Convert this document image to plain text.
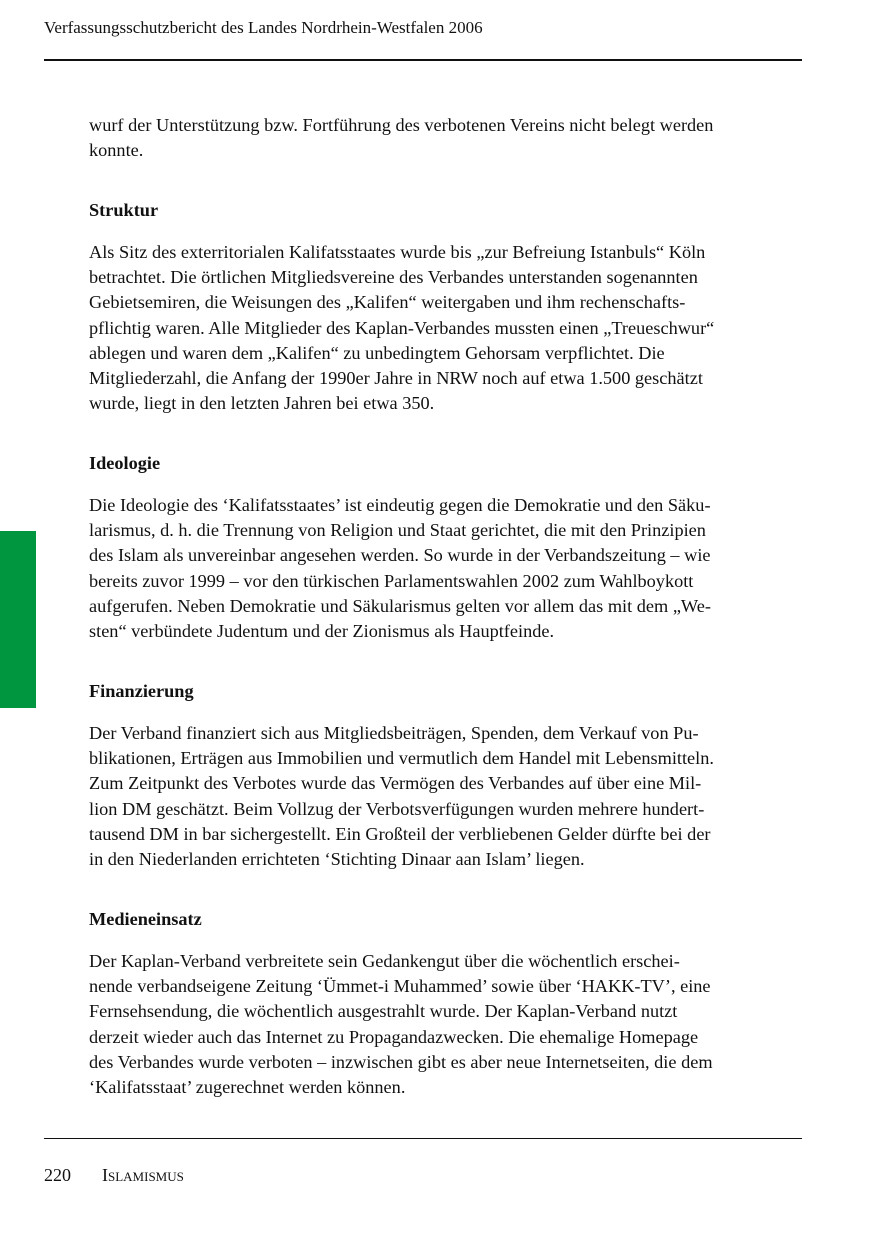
Verfassungsschutzbericht des Landes Nordrhein-Westfalen 2006

wurf der Unterstützung bzw. Fortführung des verbotenen Vereins nicht belegt werden
konnte.

Struktur

Als Sitz des exterritorialen Kalifatsstaates wurde bis „zur Befreiung Istanbuls“ Köln
betrachtet. Die örtlichen Mitgliedsvereine des Verbandes unterstanden sogenannten
Gebietsemiren, die Weisungen des „Kalifen“ weitergaben und ihm rechenschafts-
pflichtig waren. Alle Mitglieder des Kaplan-Verbandes mussten einen „Treueschwur“
ablegen und waren dem „Kalifen“ zu unbedingtem Gehorsam verpflichtet. Die
Mitgliederzahl, die Anfang der 1990er Jahre in NRW noch auf etwa 1.500 geschätzt
wurde, liegt in den letzten Jahren bei etwa 350.

Ideologie

Die Ideologie des ‘Kalifatsstaates’ ist eindeutig gegen die Demokratie und den Säku-
larismus, d. h. die Trennung von Religion und Staat gerichtet, die mit den Prinzipien
des Islam als unvereinbar angesehen werden. So wurde in der Verbandszeitung – wie
bereits zuvor 1999 – vor den türkischen Parlamentswahlen 2002 zum Wahlboykott
aufgerufen. Neben Demokratie und Säkularismus gelten vor allem das mit dem „We-
sten“ verbündete Judentum und der Zionismus als Hauptfeinde.

Finanzierung

Der Verband finanziert sich aus Mitgliedsbeiträgen, Spenden, dem Verkauf von Pu-
blikationen, Erträgen aus Immobilien und vermutlich dem Handel mit Lebensmitteln.
Zum Zeitpunkt des Verbotes wurde das Vermögen des Verbandes auf über eine Mil-
lion DM geschätzt. Beim Vollzug der Verbotsverfügungen wurden mehrere hundert-
tausend DM in bar sichergestellt. Ein Großteil der verbliebenen Gelder dürfte bei der
in den Niederlanden errichteten ‘Stichting Dinaar aan Islam’ liegen.

Medieneinsatz

Der Kaplan-Verband verbreitete sein Gedankengut über die wöchentlich erschei-
nende verbandseigene Zeitung ‘Ümmet-i Muhammed’ sowie über ‘HAKK-TV’, eine
Fernsehsendung, die wöchentlich ausgestrahlt wurde. Der Kaplan-Verband nutzt
derzeit wieder auch das Internet zu Propagandazwecken. Die ehemalige Homepage
des Verbandes wurde verboten – inzwischen gibt es aber neue Internetseiten, die dem
‘Kalifatsstaat’ zugerechnet werden können.

220 Islamismus
